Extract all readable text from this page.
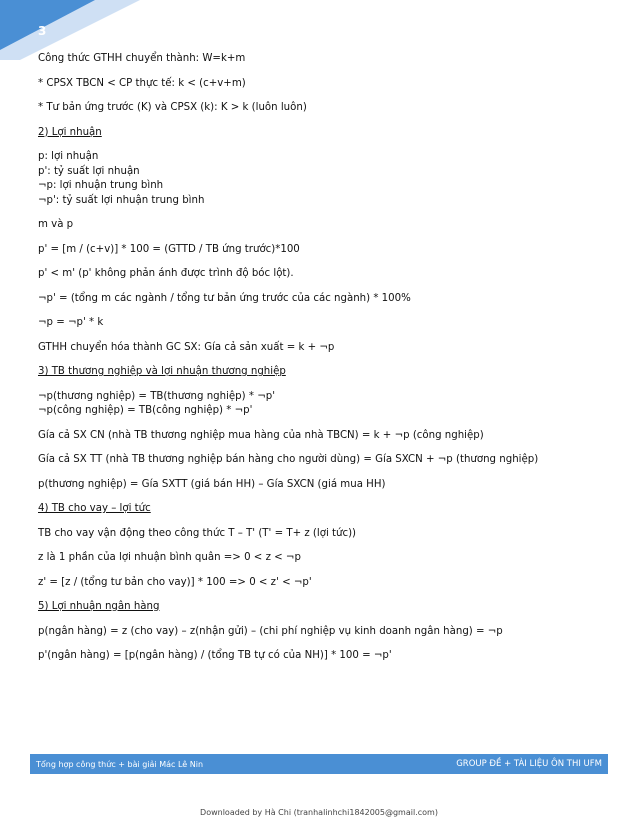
3
Công thức GTHH chuyển thành: W=k+m
* CPSX TBCN < CP thực tế: k < (c+v+m)
* Tư bản ứng trước (K) và CPSX (k): K > k (luôn luôn)
2) Lợi nhuận
p: lợi nhuận
p': tỷ suất lợi nhuận
¬p: lợi nhuận trung bình
¬p': tỷ suất lợi nhuận trung bình
m và p
p' = [m / (c+v)] * 100 = (GTTD / TB ứng trước)*100
p' < m' (p' không phản ánh được trình độ bóc lột).
¬p' = (tổng m các ngành / tổng tư bản ứng trước của các ngành) * 100%
¬p = ¬p' * k
GTHH chuyển hóa thành GC SX: Gía cả sản xuất = k + ¬p
3) TB thương nghiệp và lợi nhuận thương nghiệp
¬p(thương nghiệp) = TB(thương nghiệp) * ¬p'
¬p(công nghiệp) = TB(công nghiệp) * ¬p'
Gía cả SX CN (nhà TB thương nghiệp mua hàng của nhà TBCN) = k + ¬p (công nghiệp)
Gía cả SX TT (nhà TB thương nghiệp bán hàng cho người dùng) = Gía SXCN + ¬p (thương nghiệp)
p(thương nghiệp) = Gía SXTT (giá bán HH) – Gía SXCN (giá mua HH)
4) TB cho vay – lợi tức
TB cho vay vận động theo công thức T – T' (T' = T+ z (lợi tức))
z là 1 phần của lợi nhuận bình quân => 0 < z < ¬p
z' = [z / (tổng tư bản cho vay)] * 100 => 0 < z' < ¬p'
5) Lợi nhuận ngân hàng
p(ngân hàng) = z (cho vay) – z(nhận gửi) – (chi phí nghiệp vụ kinh doanh ngân hàng) = ¬p
p'(ngân hàng) = [p(ngân hàng) / (tổng TB tự có của NH)] * 100 = ¬p'
Tổng hợp công thức + bài giải Mác Lê Nin	GROUP ĐỀ + TÀI LIỆU ÔN THI UFM
Downloaded by Hà Chi (tranhalinhchi1842005@gmail.com)
